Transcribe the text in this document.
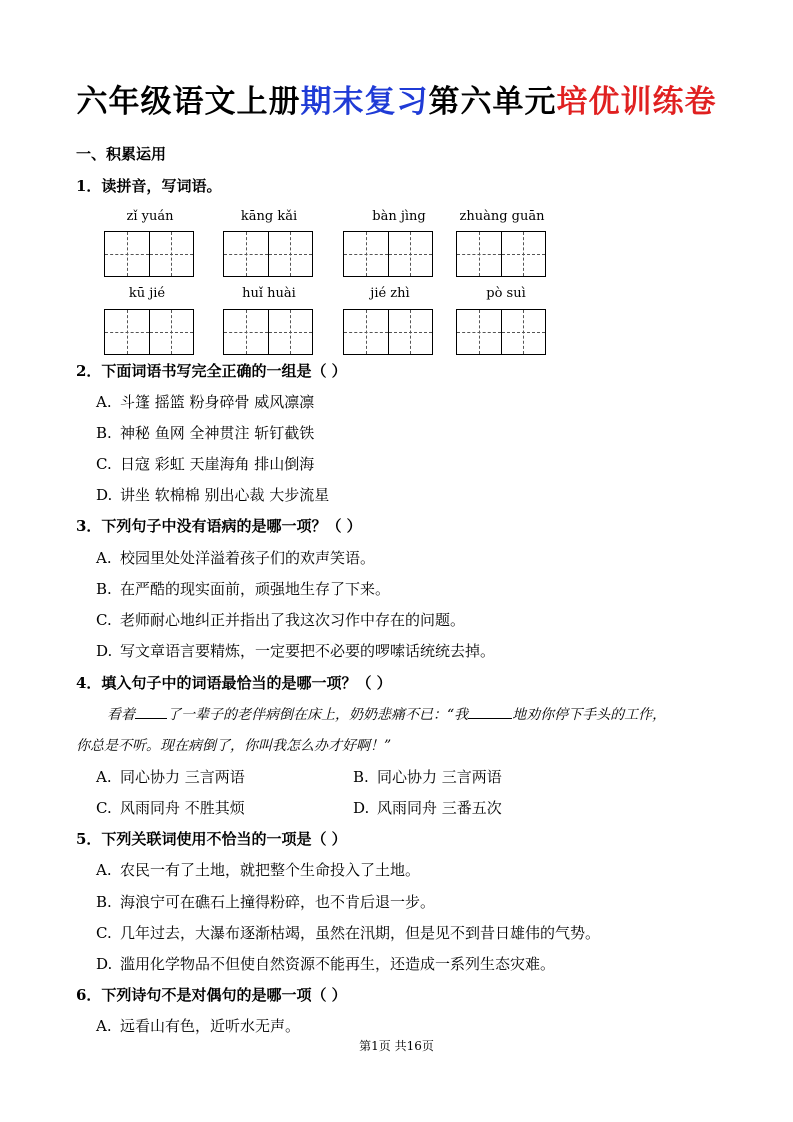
六年级语文上册期末复习第六单元培优训练卷
一、积累运用
1．读拼音，写词语。
zǐ yuán	kāng kǎi	bàn jìng	zhuàng guān
kū jié	huǐ huài	jié zhì	pò suì
2．下面词语书写完全正确的一组是（ ）
A. 斗篷 摇篮 粉身碎骨 威风凛凛
B. 神秘 鱼网 全神贯注 斩钉截铁
C. 日寇 彩虹 天崖海角 排山倒海
D. 讲坐 软棉棉 别出心裁 大步流星
3．下列句子中没有语病的是哪一项？（ ）
A. 校园里处处洋溢着孩子们的欢声笑语。
B. 在严酷的现实面前，顽强地生存了下来。
C. 老师耐心地纠正并指出了我这次习作中存在的问题。
D. 写文章语言要精炼，一定要把不必要的啰嗦话统统去掉。
4．填入句子中的词语最恰当的是哪一项？（ ）
看着 了一辈子的老伴病倒在床上，奶奶悲痛不已：“我	地劝你停下手头的工作，
你总是不听。现在病倒了，你叫我怎么办才好啊！”
A. 同心协力 三言两语	B. 同心协力 三言两语
C. 风雨同舟 不胜其烦	D. 风雨同舟 三番五次
5．下列关联词使用不恰当的一项是（ ）
A. 农民一有了土地，就把整个生命投入了土地。
B. 海浪宁可在礁石上撞得粉碎，也不肯后退一步。
C. 几年过去，大瀑布逐渐枯竭，虽然在汛期，但是见不到昔日雄伟的气势。
D. 滥用化学物品不但使自然资源不能再生，还造成一系列生态灾难。
6．下列诗句不是对偶句的是哪一项（ ）
A. 远看山有色，近听水无声。
第1页 共16页
